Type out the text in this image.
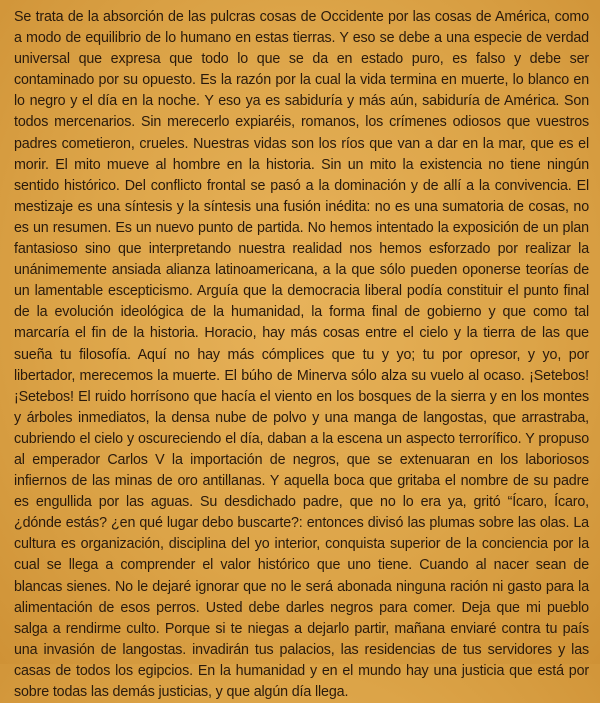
Se trata de la absorción de las pulcras cosas de Occidente por las cosas de América, como a modo de equilibrio de lo humano en estas tierras. Y eso se debe a una especie de verdad universal que expresa que todo lo que se da en estado puro, es falso y debe ser contaminado por su opuesto. Es la razón por la cual la vida termina en muerte, lo blanco en lo negro y el día en la noche. Y eso ya es sabiduría y más aún, sabiduría de América. Son todos mercenarios. Sin merecerlo expiaréis, romanos, los crímenes odiosos que vuestros padres cometieron, crueles. Nuestras vidas son los ríos que van a dar en la mar, que es el morir. El mito mueve al hombre en la historia. Sin un mito la existencia no tiene ningún sentido histórico. Del conflicto frontal se pasó a la dominación y de allí a la convivencia. El mestizaje es una síntesis y la síntesis una fusión inédita: no es una sumatoria de cosas, no es un resumen. Es un nuevo punto de partida. No hemos intentado la exposición de un plan fantasioso sino que interpretando nuestra realidad nos hemos esforzado por realizar la unánimemente ansiada alianza latinoamericana, a la que sólo pueden oponerse teorías de un lamentable escepticismo. Arguía que la democracia liberal podía constituir el punto final de la evolución ideológica de la humanidad, la forma final de gobierno y que como tal marcaría el fin de la historia. Horacio, hay más cosas entre el cielo y la tierra de las que sueña tu filosofía. Aquí no hay más cómplices que tu y yo; tu por opresor, y yo, por libertador, merecemos la muerte. El búho de Minerva sólo alza su vuelo al ocaso. ¡Setebos! ¡Setebos! El ruido horrísono que hacía el viento en los bosques de la sierra y en los montes y árboles inmediatos, la densa nube de polvo y una manga de langostas, que arrastraba, cubriendo el cielo y oscureciendo el día, daban a la escena un aspecto terrorífico. Y propuso al emperador Carlos V la importación de negros, que se extenuaran en los laboriosos infiernos de las minas de oro antillanas. Y aquella boca que gritaba el nombre de su padre es engullida por las aguas. Su desdichado padre, que no lo era ya, gritó “Ícaro, Ícaro, ¿dónde estás? ¿en qué lugar debo buscarte?: entonces divisó las plumas sobre las olas. La cultura es organización, disciplina del yo interior, conquista superior de la conciencia por la cual se llega a comprender el valor histórico que uno tiene. Cuando al nacer sean de blancas sienes. No le dejaré ignorar que no le será abonada ninguna ración ni gasto para la alimentación de esos perros. Usted debe darles negros para comer. Deja que mi pueblo salga a rendirme culto. Porque si te niegas a dejarlo partir, mañana enviaré contra tu país una invasión de langostas. invadirán tus palacios, las residencias de tus servidores y las casas de todos los egipcios. En la humanidad y en el mundo hay una justicia que está por sobre todas las demás justicias, y que algún día llega.
